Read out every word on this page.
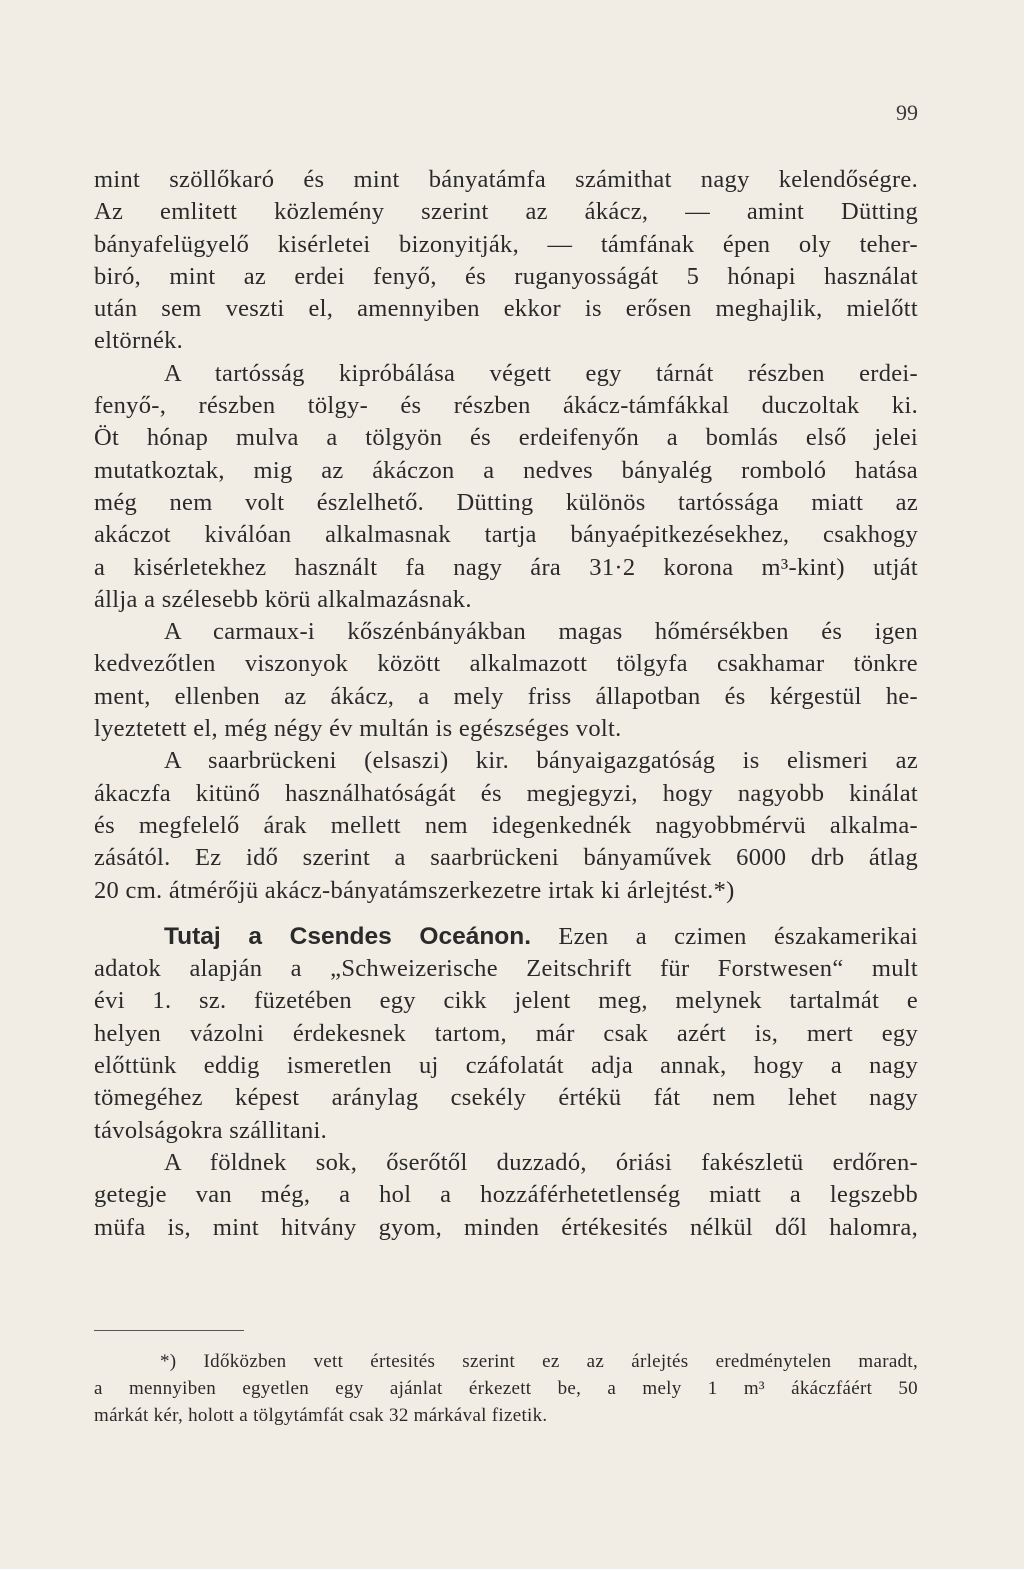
99
mint szöllőkaró és mint bányatámfa számithat nagy kelendőségre.
Az emlitett közlemény szerint az ákácz, — amint Dütting
bányafelügyelő kisérletei bizonyitják, — támfának épen oly teher-
biró, mint az erdei fenyő, és ruganyosságát 5 hónapi használat
után sem veszti el, amennyiben ekkor is erősen meghajlik, mielőtt
eltörnék.
A tartósság kipróbálása végett egy tárnát részben erdei-
fenyő-, részben tölgy- és részben ákácz-támfákkal duczoltak ki.
Öt hónap mulva a tölgyön és erdeifenyőn a bomlás első jelei
mutatkoztak, mig az ákáczon a nedves bányalég romboló hatása
még nem volt észlelhető. Dütting különös tartóssága miatt az
akáczot kiválóan alkalmasnak tartja bányaépitkezésekhez, csakhogy
a kisérletekhez használt fa nagy ára 31·2 korona m³-kint) utját
állja a szélesebb körü alkalmazásnak.
A carmaux-i kőszénbányákban magas hőmérsékben és igen
kedvezőtlen viszonyok között alkalmazott tölgyfa csakhamar tönkre
ment, ellenben az ákácz, a mely friss állapotban és kérgestül he-
lyeztetett el, még négy év multán is egészséges volt.
A saarbrückeni (elsaszi) kir. bányaigazgatóság is elismeri az
ákaczfa kitünő használhatóságát és megjegyzi, hogy nagyobb kinálat
és megfelelő árak mellett nem idegenkednék nagyobbmérvü alkalma-
zásától. Ez idő szerint a saarbrückeni bányaművek 6000 drb átlag
20 cm. átmérőjü akácz-bányatámszerkezetre irtak ki árlejtést.*)
Tutaj a Csendes Oceánon. Ezen a czimen északamerikai
adatok alapján a „Schweizerische Zeitschrift für Forstwesen“ mult
évi 1. sz. füzetében egy cikk jelent meg, melynek tartalmát e
helyen vázolni érdekesnek tartom, már csak azért is, mert egy
előttünk eddig ismeretlen uj czáfolatát adja annak, hogy a nagy
tömegéhez képest aránylag csekély értékü fát nem lehet nagy
távolságokra szállitani.
A földnek sok, őserőtől duzzadó, óriási fakészletü erdőren-
getegje van még, a hol a hozzáférhetetlenség miatt a legszebb
müfa is, mint hitvány gyom, minden értékesités nélkül dől halomra,
*) Időközben vett értesités szerint ez az árlejtés eredménytelen maradt,
a mennyiben egyetlen egy ajánlat érkezett be, a mely 1 m³ ákáczfáért 50
márkát kér, holott a tölgytámfát csak 32 márkával fizetik.
